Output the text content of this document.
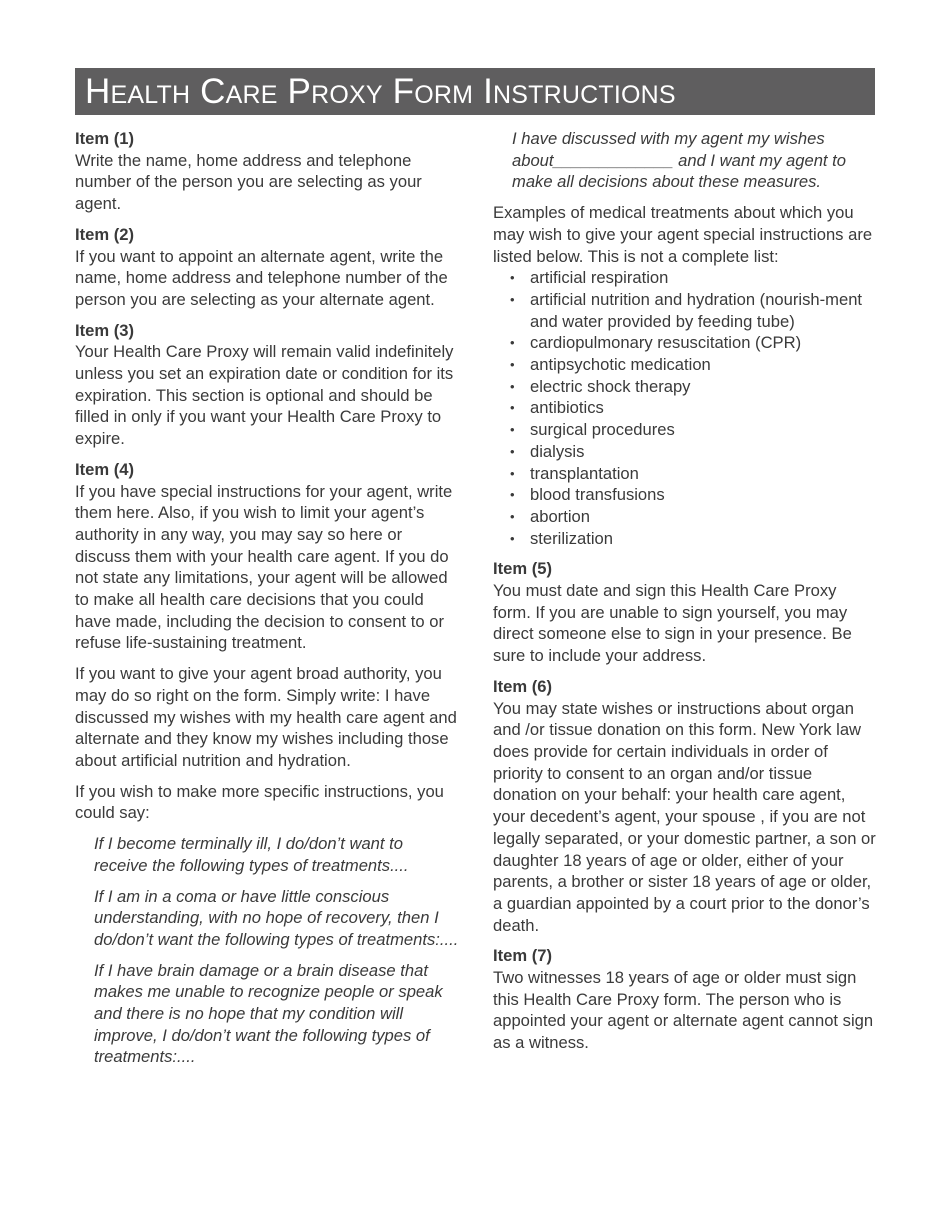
Health Care Proxy Form Instructions
Item (1)

Write the name, home address and telephone number of the person you are selecting as your agent.

Item (2)

If you want to appoint an alternate agent, write the name, home address and telephone number of the person you are selecting as your alternate agent.

Item (3)

Your Health Care Proxy will remain valid indefinitely unless you set an expiration date or condition for its expiration. This section is optional and should be filled in only if you want your Health Care Proxy to expire.

Item (4)

If you have special instructions for your agent, write them here. Also, if you wish to limit your agent’s authority in any way, you may say so here or discuss them with your health care agent. If you do not state any limitations, your agent will be allowed to make all health care decisions that you could have made, including the decision to consent to or refuse life-sustaining treatment.

If you want to give your agent broad authority, you may do so right on the form. Simply write: I have discussed my wishes with my health care agent and alternate and they know my wishes including those about artificial nutrition and hydration.

If you wish to make more specific instructions, you could say:

If I become terminally ill, I do/don’t want to receive the following types of treatments....

If I am in a coma or have little conscious understanding, with no hope of recovery, then I do/don’t want the following types of treatments:....

If I have brain damage or a brain disease that makes me unable to recognize people or speak and there is no hope that my condition will improve, I do/don’t want the following types of treatments:....

I have discussed with my agent my wishes about_____________ and I want my agent to make all decisions about these measures.

Examples of medical treatments about which you may wish to give your agent special instructions are listed below. This is not a complete list:

• artificial respiration
• artificial nutrition and hydration (nourish-ment and water provided by feeding tube)
• cardiopulmonary resuscitation (CPR)
• antipsychotic medication
• electric shock therapy
• antibiotics
• surgical procedures
• dialysis
• transplantation
• blood transfusions
• abortion
• sterilization
Item (5)

You must date and sign this Health Care Proxy form. If you are unable to sign yourself, you may direct someone else to sign in your presence. Be sure to include your address.

Item (6)

You may state wishes or instructions about organ and /or tissue donation on this form. New York law does provide for certain individuals in order of priority to consent to an organ and/or tissue donation on your behalf: your health care agent, your decedent’s agent, your spouse , if you are not legally separated, or your domestic partner, a son or daughter 18 years of age or older, either of your parents, a brother or sister 18 years of age or older, a guardian appointed by a court prior to the donor’s death.

Item (7)

Two witnesses 18 years of age or older must sign this Health Care Proxy form. The person who is appointed your agent or alternate agent cannot sign as a witness.
